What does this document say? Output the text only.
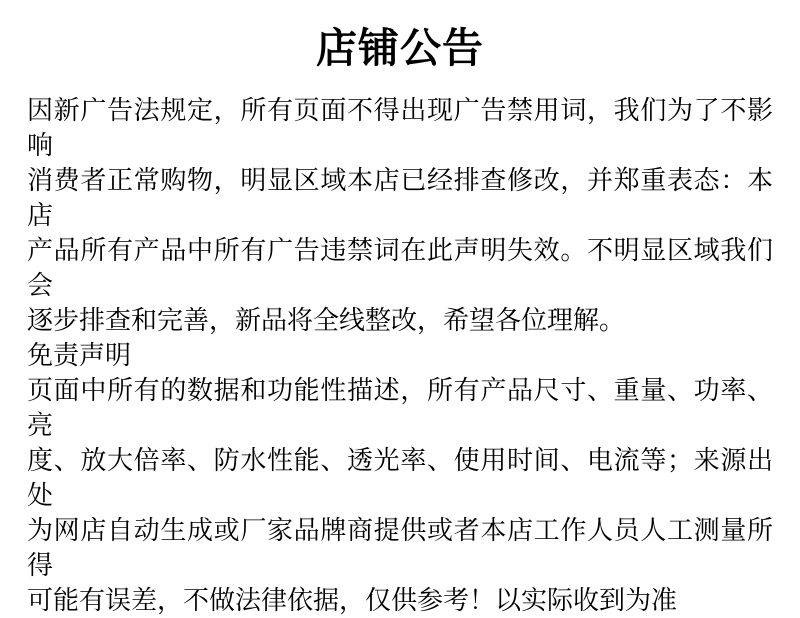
店铺公告
因新广告法规定，所有页面不得出现广告禁用词，我们为了不影响
消费者正常购物，明显区域本店已经排查修改，并郑重表态：本店
产品所有产品中所有广告违禁词在此声明失效。不明显区域我们会
逐步排查和完善，新品将全线整改，希望各位理解。
免责声明
页面中所有的数据和功能性描述，所有产品尺寸、重量、功率、亮
度、放大倍率、防水性能、透光率、使用时间、电流等；来源出处
为网店自动生成或厂家品牌商提供或者本店工作人员人工测量所得
可能有误差，不做法律依据，仅供参考！以实际收到为准
